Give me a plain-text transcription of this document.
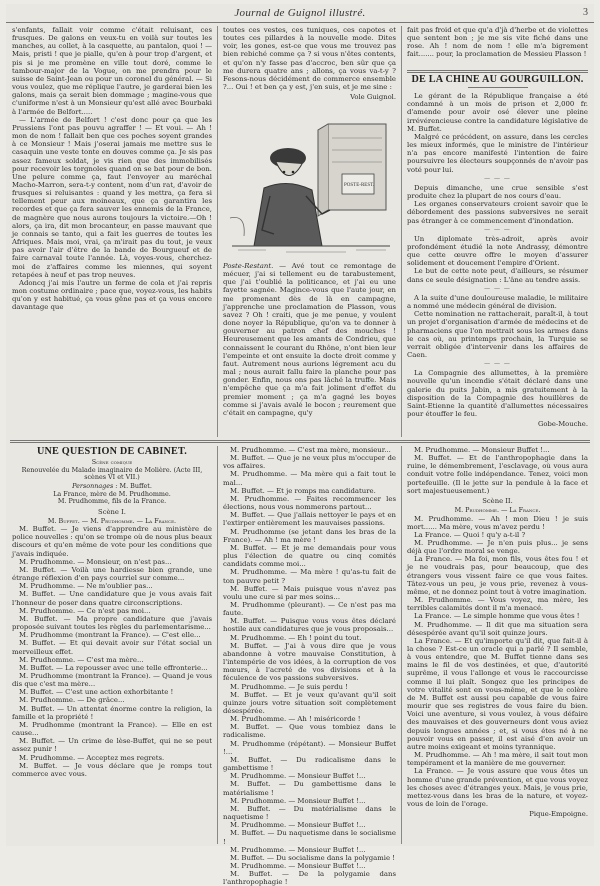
Journal de Guignol illustré.	3

s'enfants, fallait voir comme c'était reluisant, ces frusques. De galons en veux-tu en voilà sur toutes les manches, au collet, à la casquette, au pantalon, quoi ! — Mais, pristi ! que je pialle, qu'en à pour trop d'argent, et pis si je me promène en ville tout doré, comme le tambour-major de la Vogue, on me prendra pour le suisse de Saint-Jean ou pour un coronel du général. — Si vous voulez, que me réplique l'autre, je garderai bien les galons, mais ça serait bien dommage ; magine-vous que c'uniforme n'est à un Monsieur qu'est allé avec Bourbaki à l'armée de Belfort.....

— L'armée de Belfort ! c'est donc pour ça que les Prussiens l'ont pas pouvu agraffer ! — Et voui. — Ah ! mon de nom ! fallait ben que ces poches soyent grandes à ce Monsieur ! Mais j'oserai jamais me mettre sus le casaquin une veste tonte en douves comme ça. Je sis pas assez fameux soldat, je vis rien que des immobilisés pour recevoir les torgnoles quand on se bat pour de bon. Une pelure comme ça, faut l'envoyer au maréchal Macho-Marron, sera-t-y content, nom d'un rat, d'avoir de frusques si reluisantes : quand y les mettra, ça fera si tellement peur aux moineaux, que ça garantira les recordes et que ça fera sauver les ennemis de la France, de magnère que nous aurons toujours la victoire.—Oh ! alors, ça ira, dit mon brocanteur, en passe mauvant que je connais se tanto, qui a fait les guerres de toutes les Afriques. Mais moi, vrai, ça m'irait pas du tout, je veux pas avoir l'air d'être de la bande de Bourgueuf et de faire carnaval toute l'année. Là, voyes-vous, cherchez-moi de z'affaires comme les miennes, qui soyent retapées à neuf et pas trop neuves.

Adoncq j'ai mis l'autre un ferme de cola et j'ai repris mon costume ordinaire ; pace que, voyez-vous, les habits qu'on y est habitué, ça vous gêne pas et ça vous encore davantage que

toutes ces vestes, ces tuniques, ces capotes et toutes ces pillardes à la nouvelle mode. Dites voir, les gones, est-ce que vous me trouvez pas bien rebiché comme ça ? si vous n'êtes contents, et qu'on n'y fasse pas d'accroc, ben sûr que ça me durera quatre ans ; allons, ça vous va-t-y ? Fesons-nous décidément de commerce ensemble ?... Oui ! et ben ça y est, j'en suis, et je me sine :

Vole Guignol.
POSTE-REST.

Poste-Restant. — Avé tout ce remontage de mécuer, j'ai si tellement eu de tarabustement, que j'ai t'oublié la politicance, et j'ai eu une fayette sagnée. Magince-vous que l'aute jour, en me promenant dès de là en campagne, j'apprenche une proclamation de Plasson, vous savez ? Oh ! craiti, que je me penue, y voulent done noyer la République, qu'on va te donner à gouverner au patron chef des mouches ! Heureusement que les amants de Condrieu, que connaissent le courant du Rhône, n'ont bien leur l'empeinte et ont ensuite la docte droit comme y faut. Autrement nous aurions légrement acu du mal ; nous aurait fallu faire la planche pour pas gonder. Enfin, nous ons pas lâché la truffe. Mais n'empêche que ça m'a fait joliment d'effet du premier moment ; ça m'a gagné les boyes comme si j'avais avalé le bocon ; reurement que c'était en campagne, qu'y

fait pas froid et que qu'a d'jà d'herbe et de violettes que sentent bon ; je me sis vite fiché dans une rose. Ah ! nom de nom ! elle m'a bigrement fait....... pour, la proclamation de Messieu Plasson !

DE LA CHINE AU GOURGUILLON.

Le gérant de la République française a été condamné à un mois de prison et 2,000 fr. d'amende pour avoir osé élever une pleine irrévérencieuse contre la candidature législative de M. Buffet.

Malgré ce précédent, on assure, dans les cercles les mieux informés, que le ministre de l'intérieur n'a pas encore manifesté l'intention de faire poursuivre les électeurs soupçonnés de n'avoir pas voté pour lui.

— — —

Depuis dimanche, une crue sensible s'est produite chez la plupart de nos cours d'eau.

Les organes conservateurs croient savoir que le débordement des passions subversives ne serait pas étranger à ce commencement d'inondation.

— — —

Un diplomate très-adroit, après avoir profondément étudié la note Andrassy, démontre que cette œuvre offre le moyen d'assurer solidement et doucement l'empire d'Orient.

Le but de cette note peut, d'ailleurs, se résumer dans ce seule désignation : L'âne au tendre assis.

— — —

A la suite d'une douloureuse maladie, le militaire a nommé une médecin général de division.

Cette nomination ne rattacherait, paraît-il, à tout un projet d'organisation d'armée de médecins et de pharmaciens que l'on mettrait sous les armes dans le cas où, au printemps prochain, la Turquie se verrait obligée d'intervenir dans les affaires de Caen.

— — —

La Compagnie des allumettes, à la première nouvelle qu'un incendie s'était déclaré dans une galerie du puits Jabin, a mis gratuitement à la disposition de la Compagnie des houillères de Saint-Etienne la quantité d'allumettes nécessaires pour étouffer le feu.

Gobe-Mouche.
UNE QUESTION DE CABINET.
Scène comique
Renouvelée du Malade imaginaire de Molière. (Acte III, scènes VI et VII.)
Personnages : M. Buffet.
La France, mère de M. Prudhomme.
M. Prudhomme, fils de la France.
Scène I.
M. Buffet. — M. Prudhomme. — La France.

M. Buffet. — Je viens d'apprendre au ministère de police nouvelles : qu'on se trompe où de nous plus beaux discours et qu'en même de vote pour les conditions que j'avais indiquée.

M. Prudhomme. — Monsieur, on n'est pas...

M. Buffet. — Voilà une hardiesse bien grande, une étrange réflexion d'en pays courriel sur comme...

M. Prudhomme. — Ne m'oublier pas...

M. Buffet. — Une candidature que je vous avais fait l'honneur de poser dans quatre circonscriptions.

M. Prudhomme. — Ce n'est pas moi...

M. Buffet. — Ma propre candidature que j'avais proposée suivant toutes les règles du parlementarisme...

M. Prudhomme (montrant la France). — C'est elle...

M. Buffet. — Et qui devait avoir sur l'état social un merveilleux effet.

M. Prudhomme. — C'est ma mère...

M. Buffet. — La repousser avec une telle effronterie...

M. Prudhomme (montrant la France). — Quand je vous dis que c'est ma mère...

M. Buffet. — C'est une action exhorbitante !

M. Prudhomme. — De grâce...

M. Buffet. — Un attentat énorme contre la religion, la famille et la propriété !

M. Prudhomme (montrant la France). — Elle en est cause...

M. Buffet. — Un crime de lèse-Buffet, qui ne se peut assez punir !

M. Prudhomme. — Acceptez mes regrets.

M. Buffet. — Je vous déclare que je romps tout commerce avec vous.

M. Prudhomme. — C'est ma mère, monsieur...

M. Buffet. — Que je ne veux plus m'occuper de vos affaires.

M. Prudhomme. — Ma mère qui a fait tout le mal...

M. Buffet. — Et je romps ma candidature.

M. Prudhomme. — Faites recommencer les élections, nous vous nommerons partout...

M. Buffet. — Que j'allais nettoyer le pays et en l'extirper entièrement les mauvaises passions.

M. Prudhomme (se jetant dans les bras de la France). — Ah ! ma mère !

M. Buffet. — Et je me demandais pour vous plus l'élection de quatre ou cinq comités candidats comme moi...

M. Prudhomme. — Ma mère ! qu'as-tu fait de ton pauvre petit ?

M. Buffet. — Mais puisque vous n'avez pas voulu une cure si par mes soins...

M. Prudhomme (pleurant). — Ce n'est pas ma faute.

M. Buffet. — Puisque vous vous êtes déclaré hostile aux candidatures que je vous proposais...

M. Prudhomme. — Eh ! point du tout.

M. Buffet. — J'ai à vous dire que je vous abandonne à votre mauvaise Constitution, à l'intempérie de vos idées, à la corruption de vos mœurs, à l'acreté de vos divisions et à la féculence de vos passions subversives.

M. Prudhomme. — Je suis perdu !

M. Buffet. — Et je veux qu'avant qu'il soit quinze jours votre situation soit complètement désespérée.

M. Prudhomme. — Ah ! miséricorde !

M. Buffet. — Que vous tombiez dans le radicalisme.

M. Prudhomme (répétant). — Monsieur Buffet !...

M. Buffet. — Du radicalisme dans le gambettisme !

M. Prudhomme. — Monsieur Buffet !...

M. Buffet. — Du gambettisme dans le matérialisme !

M. Prudhomme. — Monsieur Buffet !...

M. Buffet. — Du matérialisme dans le naquetisme !

M. Prudhomme. — Monsieur Buffet !...

M. Buffet. — Du naquetisme dans le socialisme !

M. Prudhomme. — Monsieur Buffet !...

M. Buffet. — Du socialisme dans la polygamie !

M. Prudhomme. — Monsieur Buffet !...

M. Buffet. — De la polygamie dans l'anthropophagie !

M. Prudhomme. — Monsieur Buffet !...

M. Buffet. — Et de l'anthropophagie dans la ruine, le démembrement, l'esclavage, où vous aura conduit votre folle indépendance. Tenez, voici mon portefeuille. (Il le jette sur la pendule à la face et sort majestueusement.)

Scène II.
M. Prudhomme. — La France.

M. Prudhomme. — Ah ! mon Dieu ! je suis mort...... Ma mère, vous m'avez perdu !

La France. — Quoi ! qu'y a-t-il ?

M. Prudhomme. — Je n'en puis plus... je sens déjà que l'ordre moral se venge.

La France. — Ma foi, mon fils, vous êtes fou ! et je ne voudrais pas, pour beaucoup, que des étrangers vous vissent faire ce que vous faites. Tâtez-vous un peu, je vous prie, revenez à vous-même, et ne donnez point tout à votre imagination.

M. Prudhomme. — Vous voyez, ma mère, les terribles calamités dont il m'a menacé.

La France. — Le simple homme que vous êtes !

M. Prudhomme. — Il dit que ma situation sera désespérée avant qu'il soit quinze jours.

La France. — Et qu'importe qu'il dit, que fait-il à la chose ? Est-ce un oracle qui a parlé ? Il semble, à vous entendre, que M. Buffet tienne dans ses mains le fil de vos destinées, et que, d'autorité suprême, il vous l'allonge et vous le raccourcisse comme il lui plaît. Songez que les principes de votre vitalité sont en vous-même, et que le colère de M. Buffet est aussi peu capable de vous faire mourir que ses registres de vous faire du bien. Voici une aventure, si vous voulez, à vous défaire des mauvaises et des gouverneurs dont vous aviez depuis longues années ; et, si vous étes né à ne pouvoir vous en passer, il est aisé d'en avoir un autre moins exigeant et moins tyrannique.

M. Prudhomme. — Ah ! ma mère, il sait tout mon tempérament et la manière de me gouverner.

La France. — Je vous assure que vous êtes un homme d'une grande prévention, et que vous voyez les choses avec d'étranges yeux. Mais, je vous prie, mettez-vous dans les bras de la nature, et voyez-vous de loin de l'orage.

Pique-Empoigne.
